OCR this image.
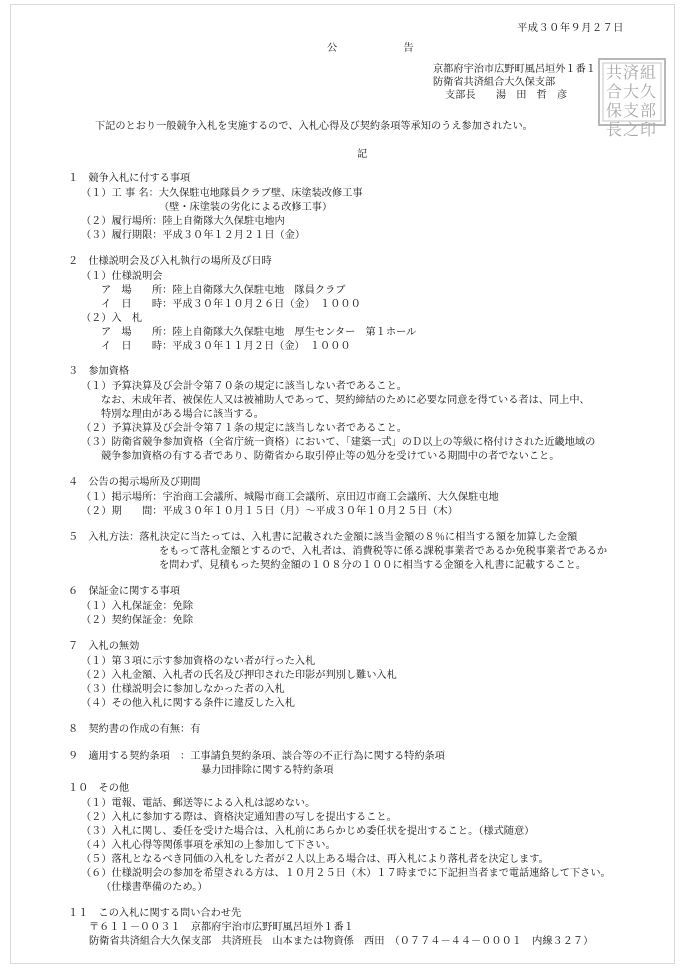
平成３０年９月２７日
公　告
京都府宇治市広野町風呂垣外１番１
防衛省共済組合大久保支部
支部長　　湯　田　哲　彦
共済組合大久保支部長之印
下記のとおり一般競争入札を実施するので、入札心得及び契約条項等承知のうえ参加されたい。
記
１　競争入札に付する事項
（１）工 事 名：大久保駐屯地隊員クラブ壁、床塗装改修工事
（壁・床塗装の劣化による改修工事）
（２）履行場所：陸上自衛隊大久保駐屯地内
（３）履行期限：平成３０年１２月２１日（金）
２　仕様説明会及び入札執行の場所及び日時
（１）仕様説明会
ア　場　　所：陸上自衛隊大久保駐屯地　隊員クラブ
イ　日　　時：平成３０年１０月２６日（金）　１０００
（２）入　札
ア　場　　所：陸上自衛隊大久保駐屯地　厚生センター　第１ホール
イ　日　　時：平成３０年１１月２日（金）　１０００
３　参加資格
（１）予算決算及び会計令第７０条の規定に該当しない者であること。
なお、未成年者、被保佐人又は被補助人であって、契約締結のために必要な同意を得ている者は、同上中、
特別な理由がある場合に該当する。
（２）予算決算及び会計令第７１条の規定に該当しない者であること。
（３）防衛省競争参加資格（全省庁統一資格）において、「建築一式」のＤ以上の等級に格付けされた近畿地域の
競争参加資格の有する者であり、防衛省から取引停止等の処分を受けている期間中の者でないこと。
４　公告の掲示場所及び期間
（１）掲示場所：宇治商工会議所、城陽市商工会議所、京田辺市商工会議所、大久保駐屯地
（２）期　　間：平成３０年１０月１５日（月）～平成３０年１０月２５日（木）
５　入札方法：落札決定に当たっては、入札書に記載された金額に該当金額の８％に相当する額を加算した金額
をもって落札金額とするので、入札者は、消費税等に係る課税事業者であるか免税事業者であるか
を問わず、見積もった契約金額の１０８分の１００に相当する金額を入札書に記載すること。
６　保証金に関する事項
（１）入札保証金：免除
（２）契約保証金：免除
７　入札の無効
（１）第３項に示す参加資格のない者が行った入札
（２）入札金額、入札者の氏名及び押印された印影が判別し難い入札
（３）仕様説明会に参加しなかった者の入札
（４）その他入札に関する条件に違反した入札
８　契約書の作成の有無：有
９　適用する契約条項　：工事請負契約条項、談合等の不正行為に関する特約条項
暴力団排除に関する特約条項
１０　その他
（１）電報、電話、郵送等による入札は認めない。
（２）入札に参加する際は、資格決定通知書の写しを提出すること。
（３）入札に関し、委任を受けた場合は、入札前にあらかじめ委任状を提出すること。（様式随意）
（４）入札心得等関係事項を承知の上参加して下さい。
（５）落札となるべき同価の入札をした者が２人以上ある場合は、再入札により落札者を決定します。
（６）仕様説明会の参加を希望される方は、１０月２５日（木）１７時までに下記担当者まで電話連絡して下さい。
（仕様書準備のため。）
１１　この入札に関する問い合わせ先
〒６１１－００３１　京都府宇治市広野町風呂垣外１番１
防衛省共済組合大久保支部　共済班長　山本または物資係　西田　（０７７４－４４－０００１　内線３２７）
